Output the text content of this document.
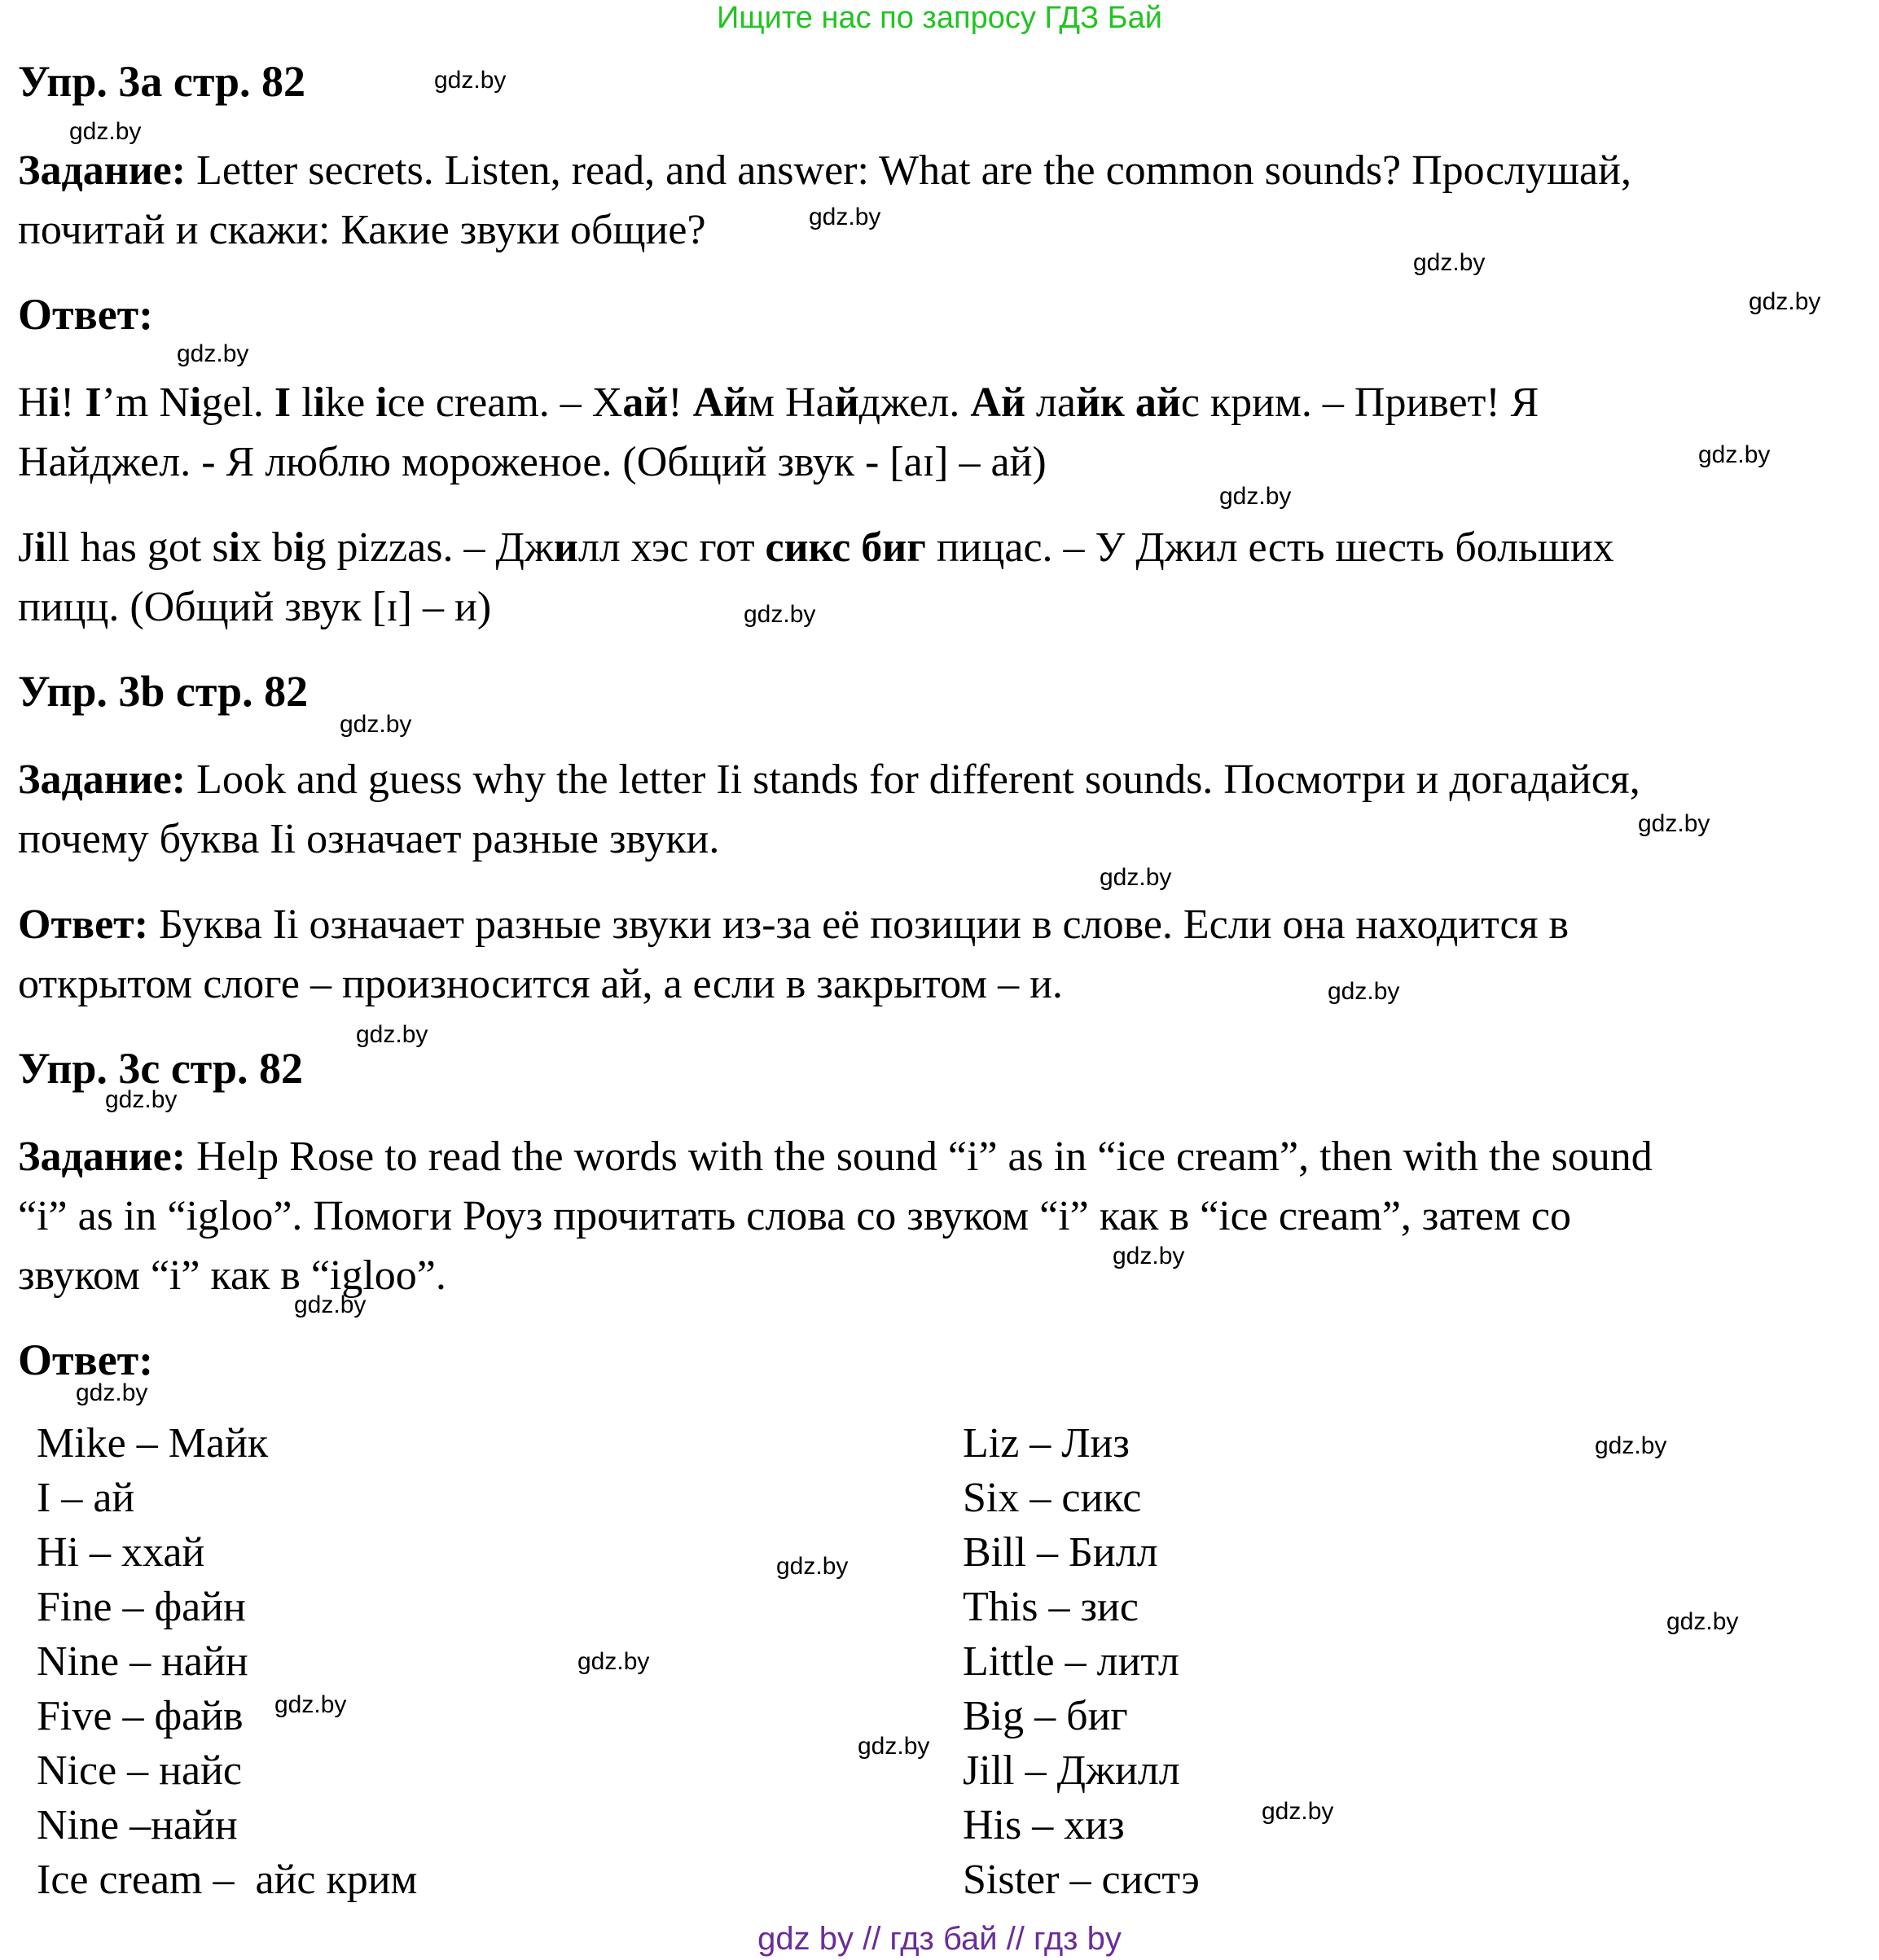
Ищите нас по запросу ГДЗ Бай
Упр. 3а стр. 82
Задание: Letter secrets. Listen, read, and answer: What are the common sounds? Прослушай,
почитай и скажи: Какие звуки общие?
Ответ:
Hi! I’m Nigel. I like ice cream. – Хай! Айм Найджел. Ай лайк айс крим. – Привет! Я
Найджел. - Я люблю мороженое. (Общий звук - [aɪ] – ай)
Jill has got six big pizzas. – Джилл хэс гот сикс биг пицас. – У Джил есть шесть больших
пицц. (Общий звук [ɪ] – и)
Упр. 3b стр. 82
Задание: Look and guess why the letter Ii stands for different sounds. Посмотри и догадайся,
почему буква Ii означает разные звуки.
Ответ: Буква Ii означает разные звуки из-за её позиции в слове. Если она находится в
открытом слоге – произносится ай, а если в закрытом – и.
Упр. 3с стр. 82
Задание: Help Rose to read the words with the sound “i” as in “ice cream”, then with the sound
“i” as in “igloo”. Помоги Роуз прочитать слова со звуком “i” как в “ice cream”, затем со
звуком “i” как в “igloo”.
Ответ:
Mike – Майк
I – ай
Hi – ххай
Fine – файн
Nine – найн
Five – файв
Nice – найс
Nine –найн
Ice cream –  айс крим
Liz – Лиз
Six – сикс
Bill – Билл
This – зис
Little – литл
Big – биг
Jill – Джилл
His – хиз
Sister – систэ
gdz.by
gdz.by
gdz.by
gdz.by
gdz.by
gdz.by
gdz.by
gdz.by
gdz.by
gdz.by
gdz.by
gdz.by
gdz.by
gdz.by
gdz.by
gdz.by
gdz.by
gdz.by
gdz.by
gdz.by
gdz.by
gdz.by
gdz.by
gdz.by
gdz.by
gdz by // гдз бай // гдз by
